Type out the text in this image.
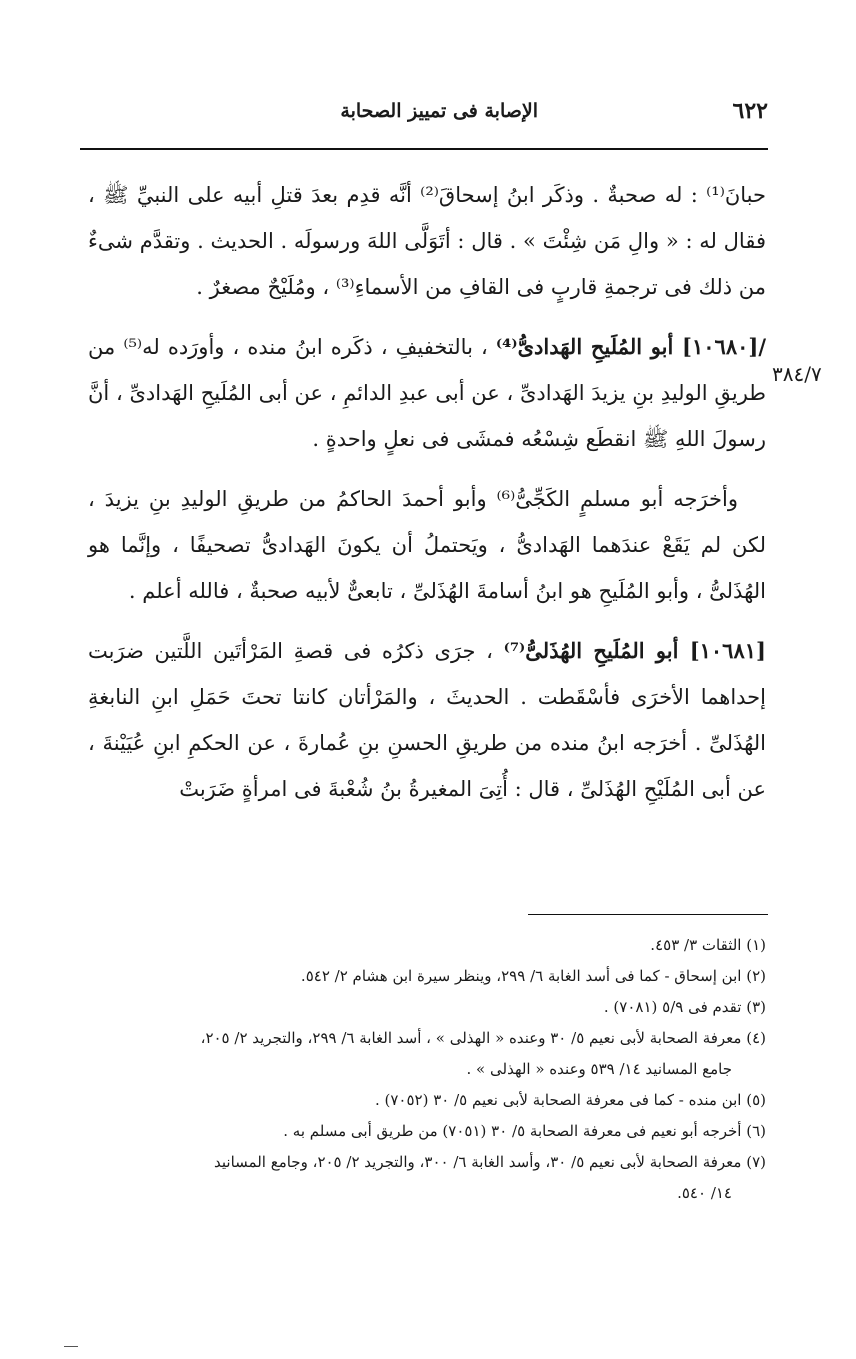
٦٢٢
الإصابة فى تمييز الصحابة
٣٨٤/٧

حبانَ⁽¹⁾ : له صحبةٌ . وذكَر ابنُ إسحاقَ⁽²⁾ أنَّه قدِم بعدَ قتلِ أبيه على النبيِّ ﷺ ، فقال له : « والِ مَن شِئْتَ » . قال : أتَوَلَّى اللهَ ورسولَه . الحديث . وتقدَّم شىءٌ من ذلك فى ترجمةِ قاربٍ فى القافِ من الأسماءِ⁽³⁾ ، ومُلَيْحٌ مصغرٌ .

/[١٠٦٨٠] أبو المُلَيحِ الهَدادىُّ⁽⁴⁾ ، بالتخفيفِ ، ذكَره ابنُ منده ، وأورَده له⁽⁵⁾ من طريقِ الوليدِ بنِ يزيدَ الهَدادىِّ ، عن أبى عبدِ الدائمِ ، عن أبى المُلَيحِ الهَدادىِّ ، أنَّ رسولَ اللهِ ﷺ انقطَع شِسْعُه فمشَى فى نعلٍ واحدةٍ .

وأخرَجه أبو مسلمٍ الكَجِّىُّ⁽⁶⁾ وأبو أحمدَ الحاكمُ من طريقِ الوليدِ بنِ يزيدَ ، لكن لم يَقَعْ عندَهما الهَدادىُّ ، ويَحتملُ أن يكونَ الهَدادىُّ تصحيفًا ، وإنَّما هو الهُذَلىُّ ، وأبو المُلَيحِ هو ابنُ أسامةَ الهُذَلىِّ ، تابعىٌّ لأبيه صحبةٌ ، فالله أعلم .

[١٠٦٨١] أبو المُلَيحِ الهُذَلىُّ⁽⁷⁾ ، جرَى ذكرُه فى قصةِ المَرْأتَين اللَّتين ضرَبت إحداهما الأخرَى فأسْقَطت . الحديثَ ، والمَرْأتان كانتا تحتَ حَمَلِ ابنِ النابغةِ الهُذَلىِّ . أخرَجه ابنُ منده من طريقِ الحسنِ بنِ عُمارةَ ، عن الحكمِ ابنِ عُيَيْنةَ ، عن أبى المُلَيْحِ الهُذَلىِّ ، قال : أُتِىَ المغيرةُ بنُ شُعْبةَ فى امرأةٍ ضَرَبتْ

(١) الثقات ٣/ ٤٥٣.

(٢) ابن إسحاق - كما فى أسد الغابة ٦/ ٢٩٩، وينظر سيرة ابن هشام ٢/ ٥٤٢.

(٣) تقدم فى ٥/٩ (٧٠٨١) .

(٤) معرفة الصحابة لأبى نعيم ٥/ ٣٠ وعنده « الهذلى » ، أسد الغابة ٦/ ٢٩٩، والتجريد ٢/ ٢٠٥،

جامع المسانيد ١٤/ ٥٣٩ وعنده « الهذلى » .

(٥) ابن منده - كما فى معرفة الصحابة لأبى نعيم ٥/ ٣٠ (٧٠٥٢) .

(٦) أخرجه أبو نعيم فى معرفة الصحابة ٥/ ٣٠ (٧٠٥١) من طريق أبى مسلم به .

(٧) معرفة الصحابة لأبى نعيم ٥/ ٣٠، وأسد الغابة ٦/ ٣٠٠، والتجريد ٢/ ٢٠٥، وجامع المسانيد

١٤/ ٥٤٠.
